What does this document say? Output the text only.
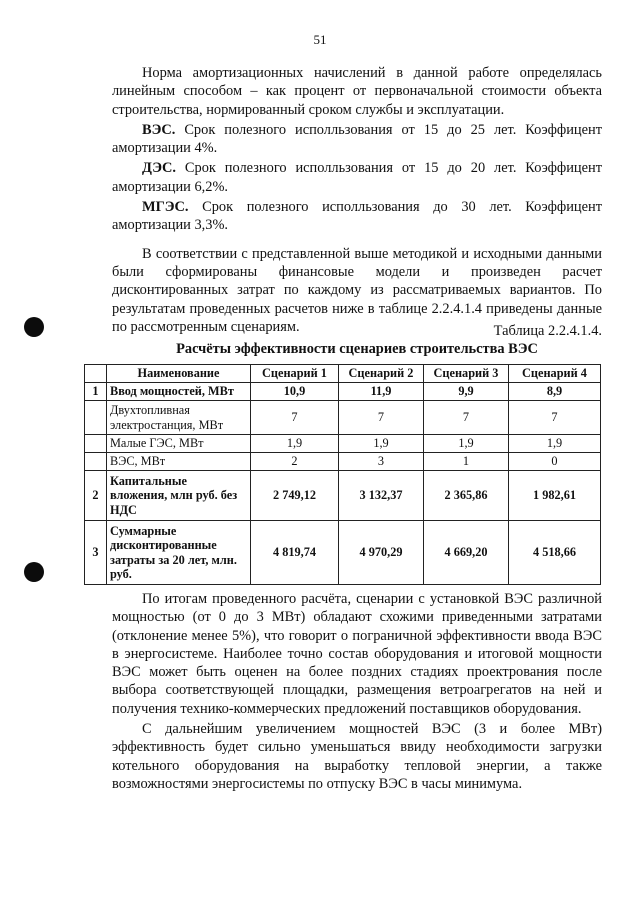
51

Норма амортизационных начислений в данной работе определялась линейным способом – как процент от первоначальной стоимости объекта строительства, нормированный сроком службы и эксплуатации.

ВЭС. Срок полезного исполльзования от 15 до 25 лет. Коэффицент амортизации 4%.

ДЭС. Срок полезного исполльзования от 15 до 20 лет. Коэффицент амортизации 6,2%.

МГЭС. Срок полезного исполльзования до 30 лет. Коэффицент амортизации 3,3%.

В соответствии с представленной выше методикой и исходными данными были сформированы финансовые модели и произведен расчет дисконтированных затрат по каждому из рассматриваемых вариантов. По результатам проведенных расчетов ниже в таблице 2.2.4.1.4 приведены данные по рассмотренным сценариям.	Таблица 2.2.4.1.4.
Расчёты эффективности сценариев строительства ВЭС
	Наименование	Сценарий 1	Сценарий 2	Сценарий 3	Сценарий 4
1	Ввод мощностей, МВт	10,9	11,9	9,9	8,9
	Двухтопливная электростанция, МВт	7	7	7	7
	Малые ГЭС, МВт	1,9	1,9	1,9	1,9
	ВЭС, МВт	2	3	1	0
2	Капитальные вложения, млн руб. без НДС	2 749,12	3 132,37	2 365,86	1 982,61
3	Суммарные дисконтированные затраты за 20 лет, млн. руб.	4 819,74	4 970,29	4 669,20	4 518,66

По итогам проведенного расчёта, сценарии с установкой ВЭС различной мощностью (от 0 до 3 МВт) обладают схожими приведенными затратами (отклонение менее 5%), что говорит о пограничной эффективности ввода ВЭС в энергосистеме. Наиболее точно состав оборудования и итоговой мощности ВЭС может быть оценен на более поздних стадиях проектрования после выбора соответствующей площадки, размещения ветроагрегатов на ней и получения технико-коммерческих предложений поставщиков оборудования.

С дальнейшим увеличением мощностей ВЭС (3 и более МВт) эффективность будет сильно уменьшаться ввиду необходимости загрузки котельного оборудования на выработку тепловой энергии, а также возможностями энергосистемы по отпуску ВЭС в часы минимума.
